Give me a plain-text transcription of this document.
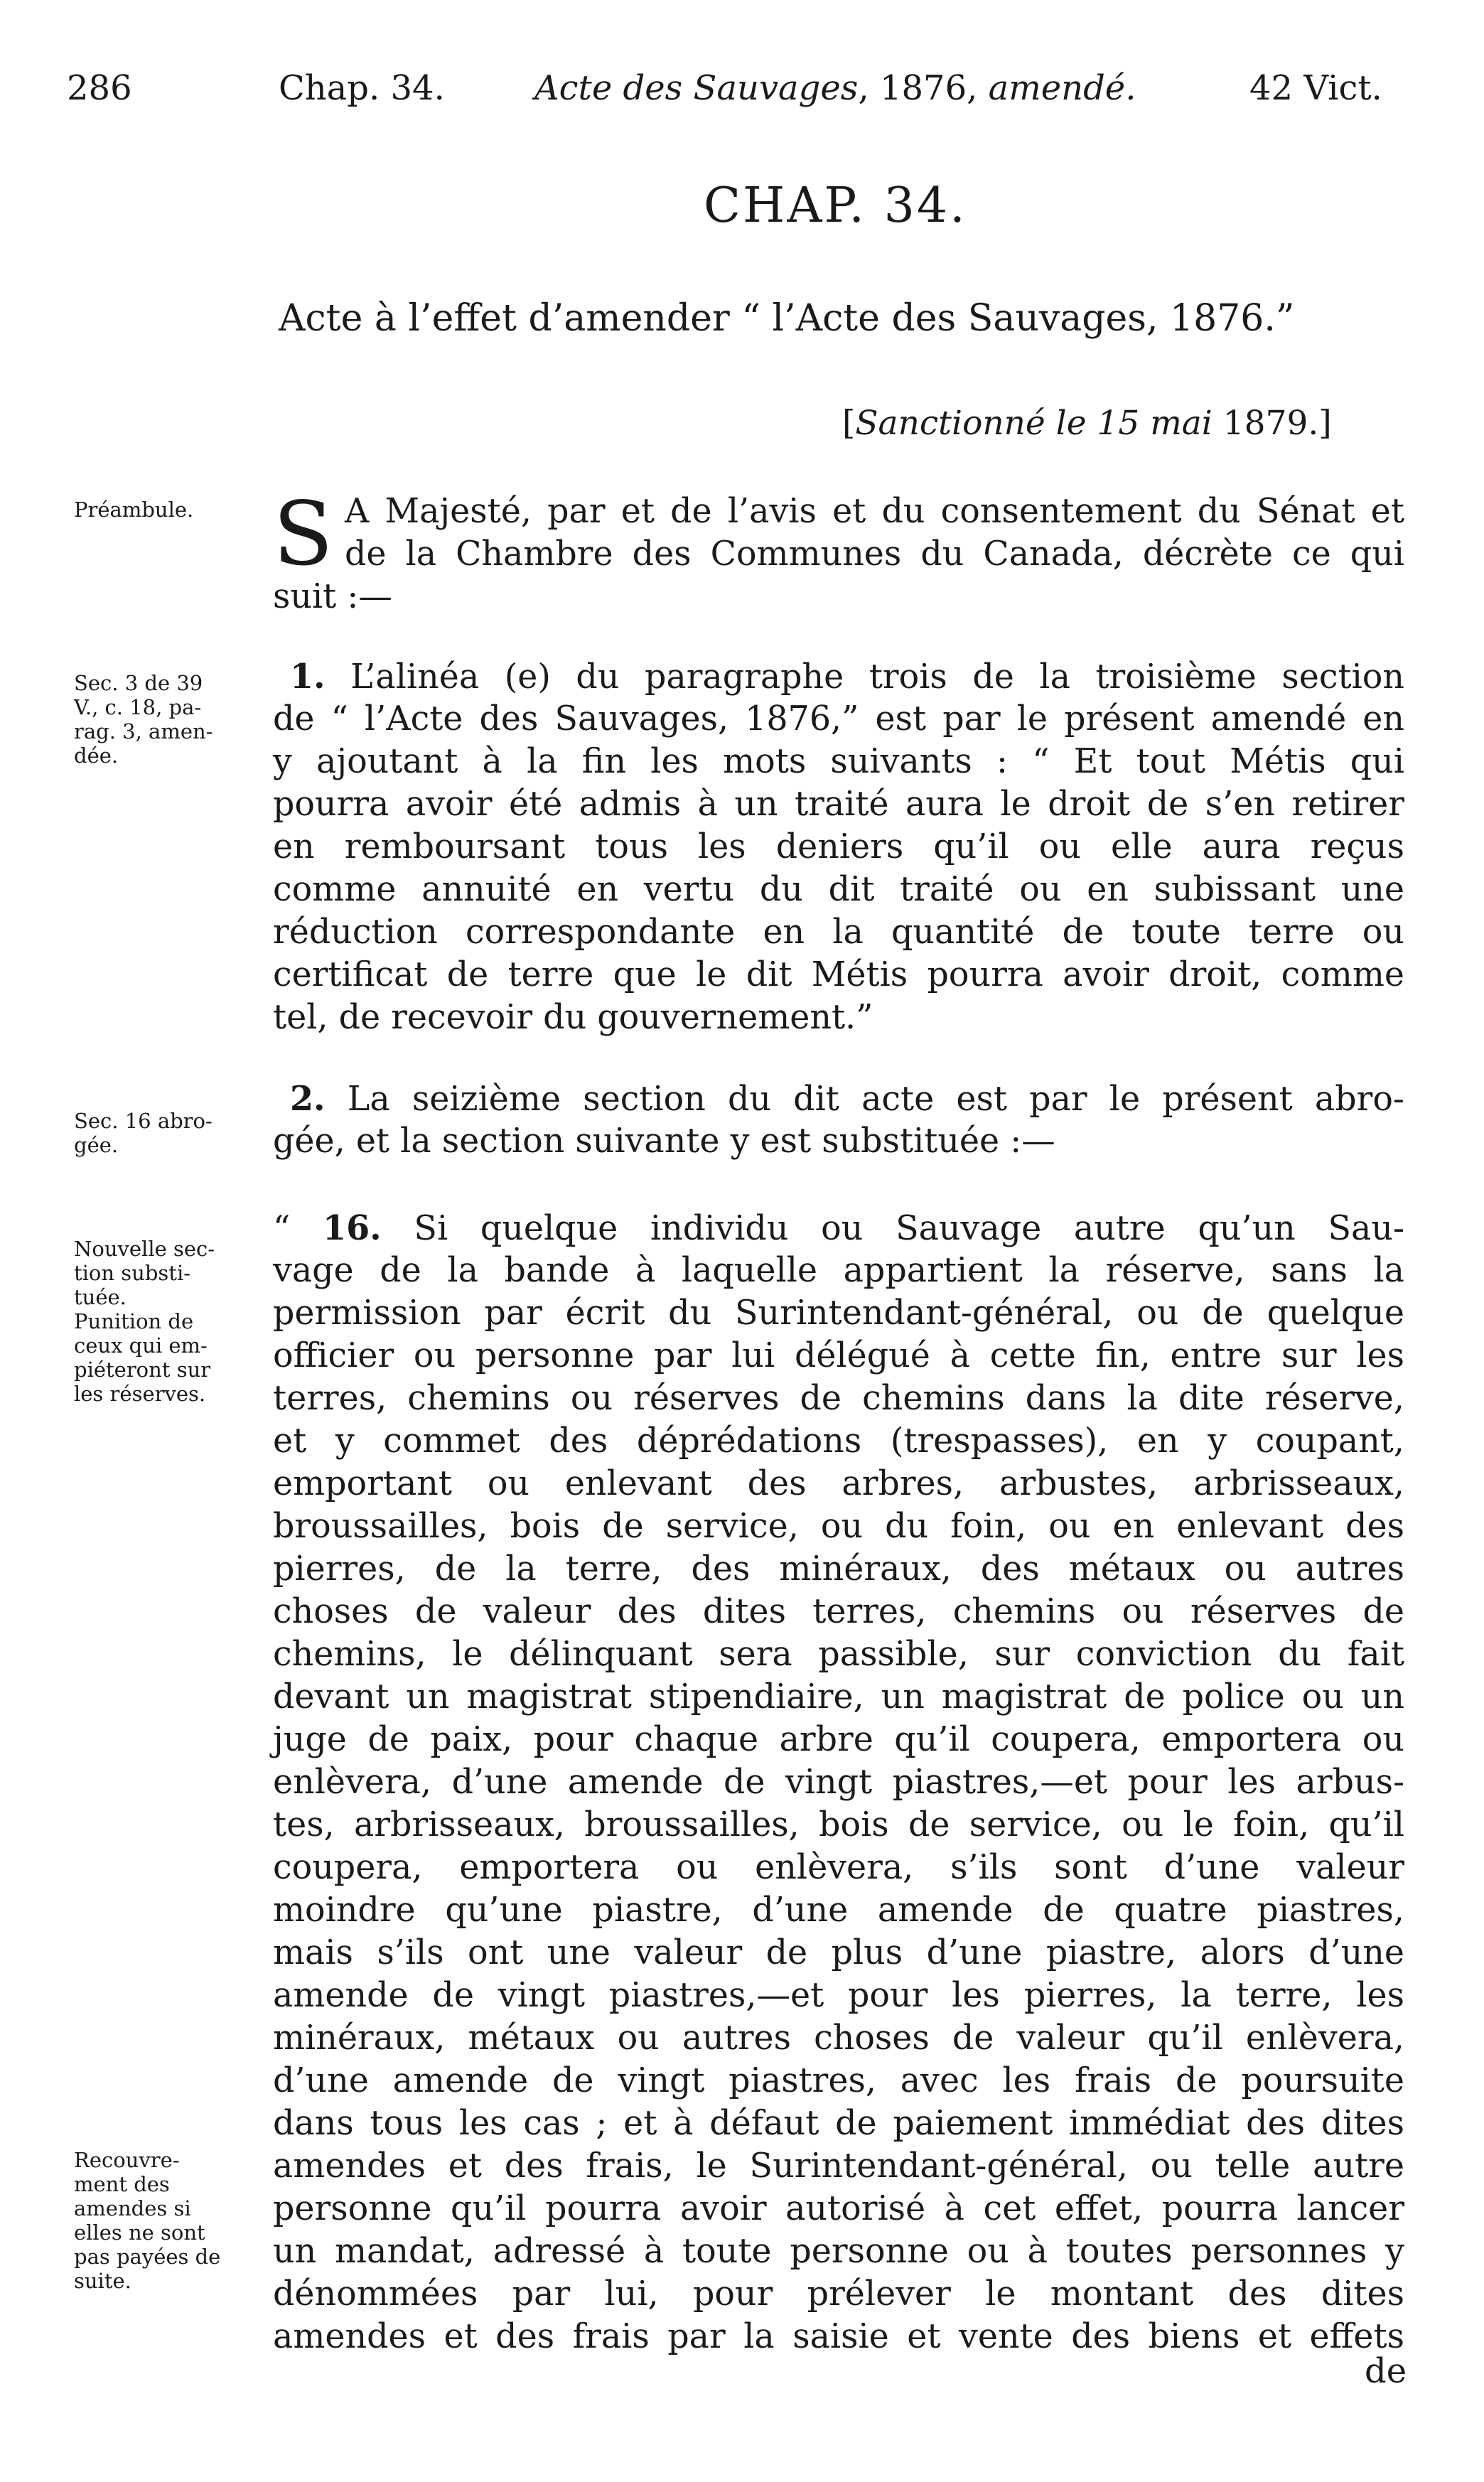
286	Chap. 34.	Acte des Sauvages, 1876, amendé.	42 Vict.
CHAP. 34.
Acte à l’effet d’amender “ l’Acte des Sauvages, 1876.”
[Sanctionné le 15 mai 1879.]
Préambule.
Sec. 3 de 39
V., c. 18, pa-
rag. 3, amen-
dée.
Sec. 16 abro-
gée.
Nouvelle sec-
tion substi-
tuée.
Punition de
ceux qui em-
piéteront sur
les réserves.
Recouvre-
ment des
amendes si
elles ne sont
pas payées de
suite.
S A Majesté, par et de l’avis et du consentement du Sénat et
de la Chambre des Communes du Canada, décrète ce qui
suit :—
1. L’alinéa (e) du paragraphe trois de la troisième section
de “ l’Acte des Sauvages, 1876,” est par le présent amendé en
y ajoutant à la fin les mots suivants : “ Et tout Métis qui
pourra avoir été admis à un traité aura le droit de s’en retirer
en remboursant tous les deniers qu’il ou elle aura reçus
comme annuité en vertu du dit traité ou en subissant une
réduction correspondante en la quantité de toute terre ou
certificat de terre que le dit Métis pourra avoir droit, comme
tel, de recevoir du gouvernement.”
2. La seizième section du dit acte est par le présent abro-
gée, et la section suivante y est substituée :—
“ 16. Si quelque individu ou Sauvage autre qu’un Sau-
vage de la bande à laquelle appartient la réserve, sans la
permission par écrit du Surintendant-général, ou de quelque
officier ou personne par lui délégué à cette fin, entre sur les
terres, chemins ou réserves de chemins dans la dite réserve,
et y commet des déprédations (trespasses), en y coupant,
emportant ou enlevant des arbres, arbustes, arbrisseaux,
broussailles, bois de service, ou du foin, ou en enlevant des
pierres, de la terre, des minéraux, des métaux ou autres
choses de valeur des dites terres, chemins ou réserves de
chemins, le délinquant sera passible, sur conviction du fait
devant un magistrat stipendiaire, un magistrat de police ou un
juge de paix, pour chaque arbre qu’il coupera, emportera ou
enlèvera, d’une amende de vingt piastres,—et pour les arbus-
tes, arbrisseaux, broussailles, bois de service, ou le foin, qu’il
coupera, emportera ou enlèvera, s’ils sont d’une valeur
moindre qu’une piastre, d’une amende de quatre piastres,
mais s’ils ont une valeur de plus d’une piastre, alors d’une
amende de vingt piastres,—et pour les pierres, la terre, les
minéraux, métaux ou autres choses de valeur qu’il enlèvera,
d’une amende de vingt piastres, avec les frais de poursuite
dans tous les cas ; et à défaut de paiement immédiat des dites
amendes et des frais, le Surintendant-général, ou telle autre
personne qu’il pourra avoir autorisé à cet effet, pourra lancer
un mandat, adressé à toute personne ou à toutes personnes y
dénommées par lui, pour prélever le montant des dites
amendes et des frais par la saisie et vente des biens et effets
de
